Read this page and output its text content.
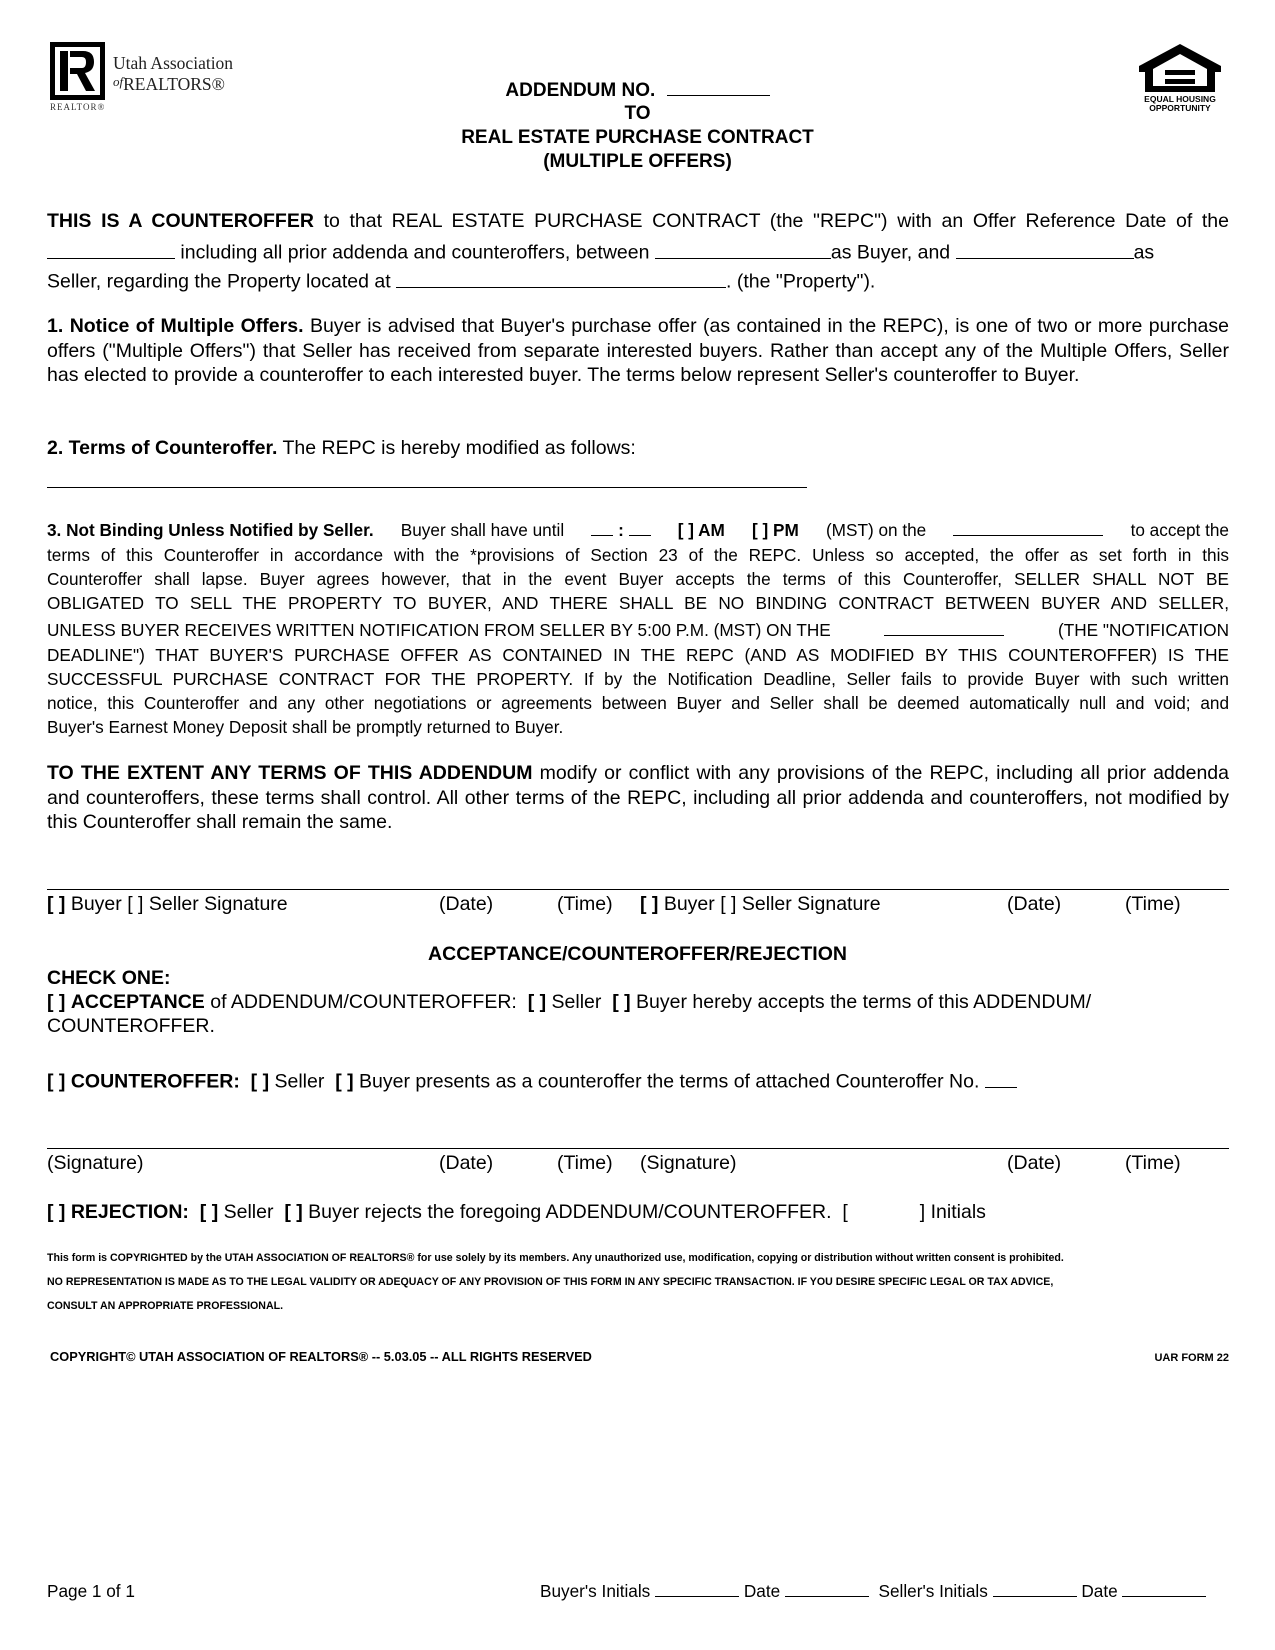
Utah Association
$^{of}$REALTORS®
REALTOR®
EQUAL HOUSING
OPPORTUNITY
ADDENDUM NO.
TO
REAL ESTATE PURCHASE CONTRACT
(MULTIPLE OFFERS)
THIS IS A COUNTEROFFER to that REAL ESTATE PURCHASE CONTRACT (the "REPC") with an Offer Reference Date of the
including all prior addenda and counteroffers, between	as Buyer, and	as
Seller, regarding the Property located at	. (the "Property").
1. Notice of Multiple Offers. Buyer is advised that Buyer's purchase offer (as contained in the REPC), is one of two or more purchase offers ("Multiple Offers") that Seller has received from separate interested buyers. Rather than accept any of the Multiple Offers, Seller has elected to provide a counteroffer to each interested buyer. The terms below represent Seller's counteroffer to Buyer.
2. Terms of Counteroffer. The REPC is hereby modified as follows:
3. Not Binding Unless Notified by Seller. Buyer shall have until	:	[ ] AM [ ] PM (MST) on the	to accept the
terms of this Counteroffer in accordance with the *provisions of Section 23 of the REPC. Unless so accepted, the offer as set forth in this
Counteroffer shall lapse. Buyer agrees however, that in the event Buyer accepts the terms of this Counteroffer, SELLER SHALL NOT BE
OBLIGATED TO SELL THE PROPERTY TO BUYER, AND THERE SHALL BE NO BINDING CONTRACT BETWEEN BUYER AND SELLER,
UNLESS BUYER RECEIVES WRITTEN NOTIFICATION FROM SELLER BY 5:00 P.M. (MST) ON THE	(THE "NOTIFICATION
DEADLINE") THAT BUYER'S PURCHASE OFFER AS CONTAINED IN THE REPC (AND AS MODIFIED BY THIS COUNTEROFFER) IS THE
SUCCESSFUL PURCHASE CONTRACT FOR THE PROPERTY. If by the Notification Deadline, Seller fails to provide Buyer with such written
notice, this Counteroffer and any other negotiations or agreements between Buyer and Seller shall be deemed automatically null and void; and
Buyer's Earnest Money Deposit shall be promptly returned to Buyer.
TO THE EXTENT ANY TERMS OF THIS ADDENDUM modify or conflict with any provisions of the REPC, including all prior addenda and counteroffers, these terms shall control. All other terms of the REPC, including all prior addenda and counteroffers, not modified by this Counteroffer shall remain the same.
[ ] Buyer [ ] Seller Signature	(Date)	(Time) [ ] Buyer [ ] Seller Signature	(Date)	(Time)
ACCEPTANCE/COUNTEROFFER/REJECTION
CHECK ONE:
[ ] ACCEPTANCE of ADDENDUM/COUNTEROFFER: [ ] Seller [ ] Buyer hereby accepts the terms of this ADDENDUM/
COUNTEROFFER.
[ ] COUNTEROFFER: [ ] Seller [ ] Buyer presents as a counteroffer the terms of attached Counteroffer No.
(Signature)	(Date)	(Time) (Signature)	(Date)	(Time)
[ ] REJECTION: [ ] Seller [ ] Buyer rejects the foregoing ADDENDUM/COUNTEROFFER. [	] Initials
This form is COPYRIGHTED by the UTAH ASSOCIATION OF REALTORS® for use solely by its members. Any unauthorized use, modification, copying or distribution without written consent is prohibited.
NO REPRESENTATION IS MADE AS TO THE LEGAL VALIDITY OR ADEQUACY OF ANY PROVISION OF THIS FORM IN ANY SPECIFIC TRANSACTION. IF YOU DESIRE SPECIFIC LEGAL OR TAX ADVICE,
CONSULT AN APPROPRIATE PROFESSIONAL.
COPYRIGHT© UTAH ASSOCIATION OF REALTORS® -- 5.03.05 -- ALL RIGHTS RESERVED	UAR FORM 22
Page 1 of 1	Buyer's Initials	Date	Seller's Initials	Date
